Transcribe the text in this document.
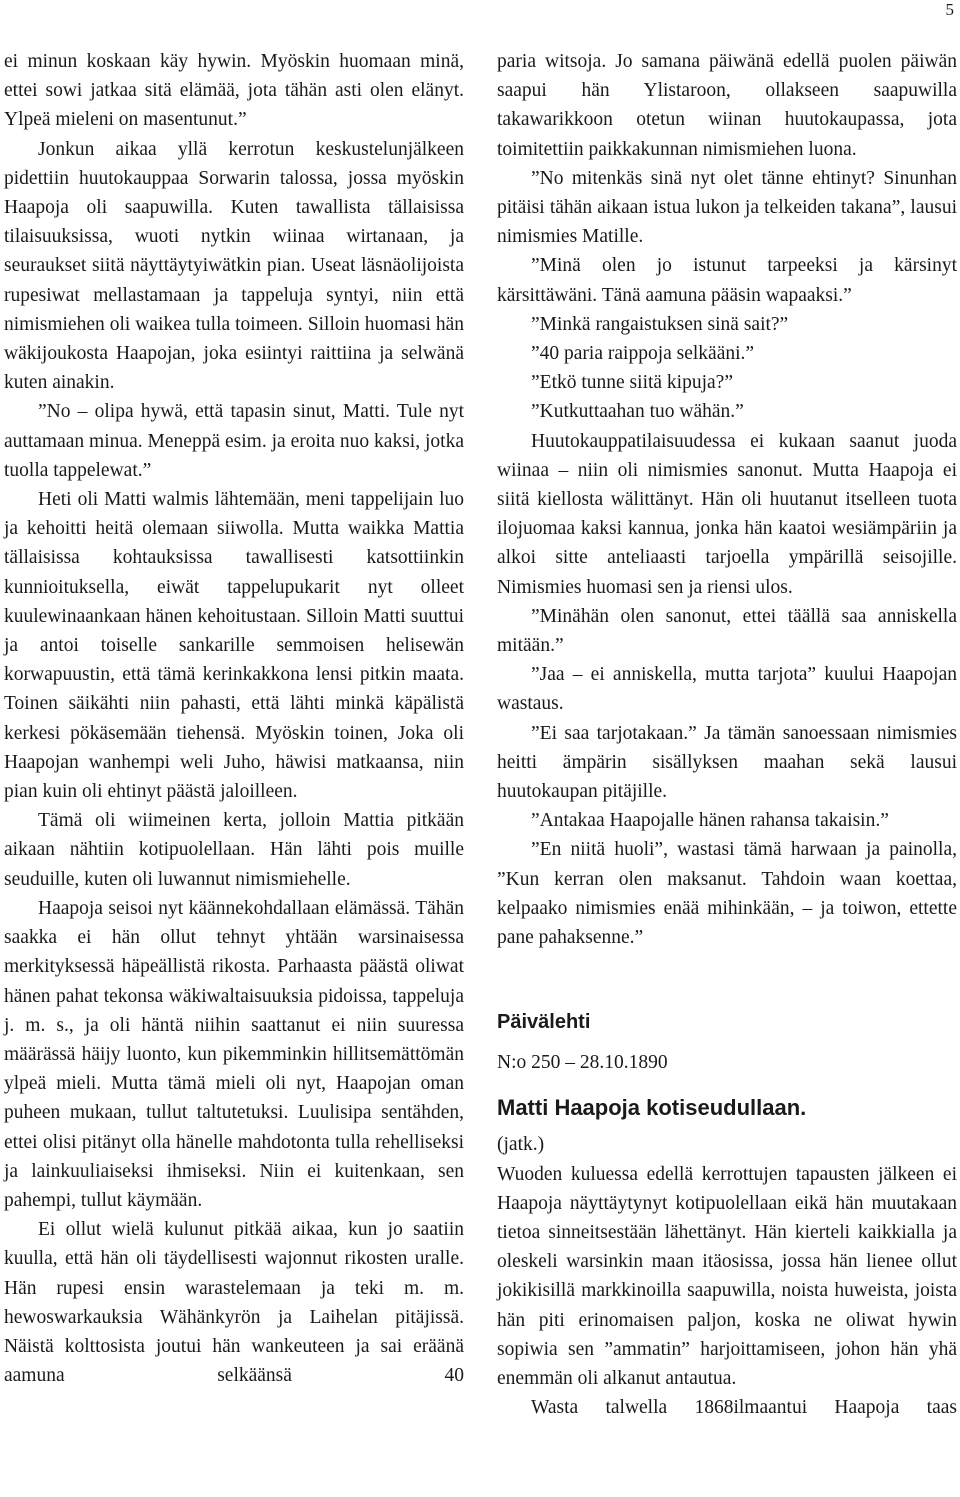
5

ei minun koskaan käy hywin. Myöskin huomaan minä, ettei sowi jatkaa sitä elämää, jota tähän asti olen elänyt. Ylpeä mieleni on masentunut.”

Jonkun aikaa yllä kerrotun keskustelunjälkeen pidettiin huutokauppaa Sorwarin talossa, jossa myöskin Haapoja oli saapuwilla. Kuten tawallista tällaisissa tilaisuuksissa, wuoti nytkin wiinaa wirtanaan, ja seuraukset siitä näyttäytyiwätkin pian. Useat läsnäolijoista rupesiwat mellastamaan ja tappeluja syntyi, niin että nimismiehen oli waikea tulla toimeen. Silloin huomasi hän wäkijoukosta Haapojan, joka esiintyi raittiina ja selwänä kuten ainakin.

”No – olipa hywä, että tapasin sinut, Matti. Tule nyt auttamaan minua. Meneppä esim. ja eroita nuo kaksi, jotka tuolla tappelewat.”

Heti oli Matti walmis lähtemään, meni tappelijain luo ja kehoitti heitä olemaan siiwolla. Mutta waikka Mattia tällaisissa kohtauksissa tawallisesti katsottiinkin kunnioituksella, eiwät tappelupukarit nyt olleet kuulewinaankaan hänen kehoitustaan. Silloin Matti suuttui ja antoi toiselle sankarille semmoisen helisewän korwapuustin, että tämä kerinkakkona lensi pitkin maata. Toinen säikähti niin pahasti, että lähti minkä käpälistä kerkesi pökäsemään tiehensä. Myöskin toinen, Joka oli Haapojan wanhempi weli Juho, häwisi matkaansa, niin pian kuin oli ehtinyt päästä jaloilleen.

Tämä oli wiimeinen kerta, jolloin Mattia pitkään aikaan nähtiin kotipuolellaan. Hän lähti pois muille seuduille, kuten oli luwannut nimismiehelle.

Haapoja seisoi nyt käännekohdallaan elämässä. Tähän saakka ei hän ollut tehnyt yhtään warsinaisessa merkityksessä häpeällistä rikosta. Parhaasta päästä oliwat hänen pahat tekonsa wäkiwaltaisuuksia pidoissa, tappeluja j. m. s., ja oli häntä niihin saattanut ei niin suuressa määrässä häijy luonto, kun pikemminkin hillitsemättömän ylpeä mieli. Mutta tämä mieli oli nyt, Haapojan oman puheen mukaan, tullut taltutetuksi. Luulisipa sentähden, ettei olisi pitänyt olla hänelle mahdotonta tulla rehelliseksi ja lainkuuliaiseksi ihmiseksi. Niin ei kuitenkaan, sen pahempi, tullut käymään.

Ei ollut wielä kulunut pitkää aikaa, kun jo saatiin kuulla, että hän oli täydellisesti wajonnut rikosten uralle. Hän rupesi ensin warastelemaan ja teki m. m. hewoswarkauksia Wähänkyrön ja Laihelan pitäjissä. Näistä kolttosista joutui hän wankeuteen ja sai eräänä aamuna selkäänsä 40

paria witsoja. Jo samana päiwänä edellä puolen päiwän saapui hän Ylistaroon, ollakseen saapuwilla takawarikkoon otetun wiinan huutokaupassa, jota toimitettiin paikkakunnan nimismiehen luona.

”No mitenkäs sinä nyt olet tänne ehtinyt? Sinunhan pitäisi tähän aikaan istua lukon ja telkeiden takana”, lausui nimismies Matille.

”Minä olen jo istunut tarpeeksi ja kärsinyt kärsittäwäni. Tänä aamuna pääsin wapaaksi.”

”Minkä rangaistuksen sinä sait?”

”40 paria raippoja selkääni.”

”Etkö tunne siitä kipuja?”

”Kutkuttaahan tuo wähän.”

Huutokauppatilaisuudessa ei kukaan saanut juoda wiinaa – niin oli nimismies sanonut. Mutta Haapoja ei siitä kiellosta wälittänyt. Hän oli huutanut itselleen tuota ilojuomaa kaksi kannua, jonka hän kaatoi wesiämpäriin ja alkoi sitte anteliaasti tarjoella ympärillä seisojille. Nimismies huomasi sen ja riensi ulos.

”Minähän olen sanonut, ettei täällä saa anniskella mitään.”

”Jaa – ei anniskella, mutta tarjota” kuului Haapojan wastaus.

”Ei saa tarjotakaan.” Ja tämän sanoessaan nimismies heitti ämpärin sisällyksen maahan sekä lausui huutokaupan pitäjille.

”Antakaa Haapojalle hänen rahansa takaisin.”

”En niitä huoli”, wastasi tämä harwaan ja painolla, ”Kun kerran olen maksanut. Tahdoin waan koettaa, kelpaako nimismies enää mihinkään, – ja toiwon, ettette pane pahaksenne.”

Päivälehti
N:o 250 – 28.10.1890
Matti Haapoja kotiseudullaan.
(jatk.)

Wuoden kuluessa edellä kerrottujen tapausten jälkeen ei Haapoja näyttäytynyt kotipuolellaan eikä hän muutakaan tietoa sinneitsestään lähettänyt. Hän kierteli kaikkialla ja oleskeli warsinkin maan itäosissa, jossa hän lienee ollut jokikisillä markkinoilla saapuwilla, noista huweista, joista hän piti erinomaisen paljon, koska ne oliwat hywin sopiwia sen ”ammatin” harjoittamiseen, johon hän yhä enemmän oli alkanut antautua.

Wasta talwella 1868ilmaantui Haapoja taas
